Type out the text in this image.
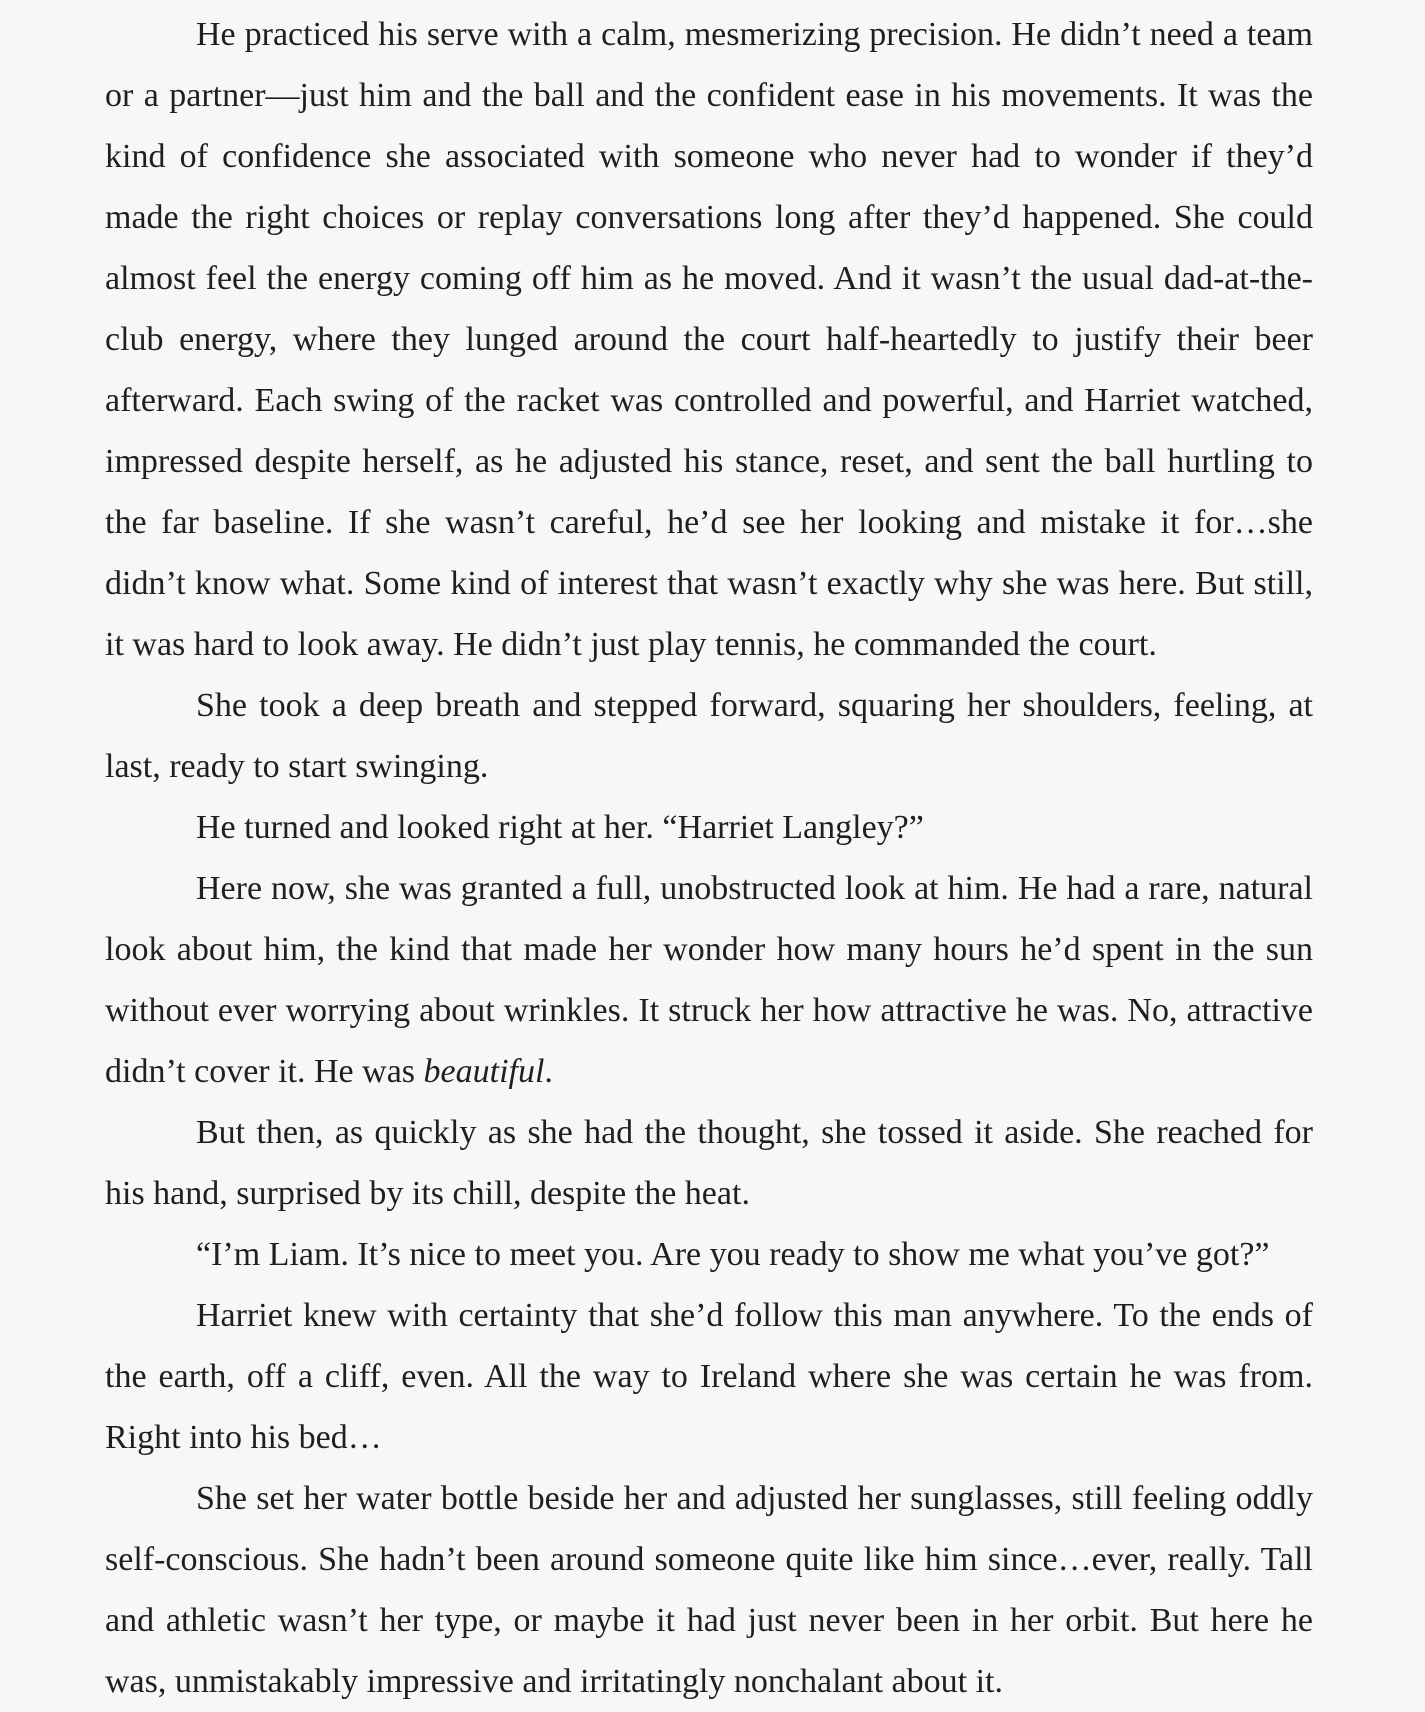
He practiced his serve with a calm, mesmerizing precision. He didn’t need a team or a partner—just him and the ball and the confident ease in his movements. It was the kind of confidence she associated with someone who never had to wonder if they’d made the right choices or replay conversations long after they’d happened. She could almost feel the energy coming off him as he moved. And it wasn’t the usual dad-at-the-club energy, where they lunged around the court half-heartedly to justify their beer afterward. Each swing of the racket was controlled and powerful, and Harriet watched, impressed despite herself, as he adjusted his stance, reset, and sent the ball hurtling to the far baseline. If she wasn’t careful, he’d see her looking and mistake it for…she didn’t know what. Some kind of interest that wasn’t exactly why she was here. But still, it was hard to look away. He didn’t just play tennis, he commanded the court.

She took a deep breath and stepped forward, squaring her shoulders, feeling, at last, ready to start swinging.

He turned and looked right at her. “Harriet Langley?”

Here now, she was granted a full, unobstructed look at him. He had a rare, natural look about him, the kind that made her wonder how many hours he’d spent in the sun without ever worrying about wrinkles. It struck her how attractive he was. No, attractive didn’t cover it. He was beautiful.

But then, as quickly as she had the thought, she tossed it aside. She reached for his hand, surprised by its chill, despite the heat.

“I’m Liam. It’s nice to meet you. Are you ready to show me what you’ve got?”

Harriet knew with certainty that she’d follow this man anywhere. To the ends of the earth, off a cliff, even. All the way to Ireland where she was certain he was from. Right into his bed…

She set her water bottle beside her and adjusted her sunglasses, still feeling oddly self-conscious. She hadn’t been around someone quite like him since…ever, really. Tall and athletic wasn’t her type, or maybe it had just never been in her orbit. But here he was, unmistakably impressive and irritatingly nonchalant about it.
